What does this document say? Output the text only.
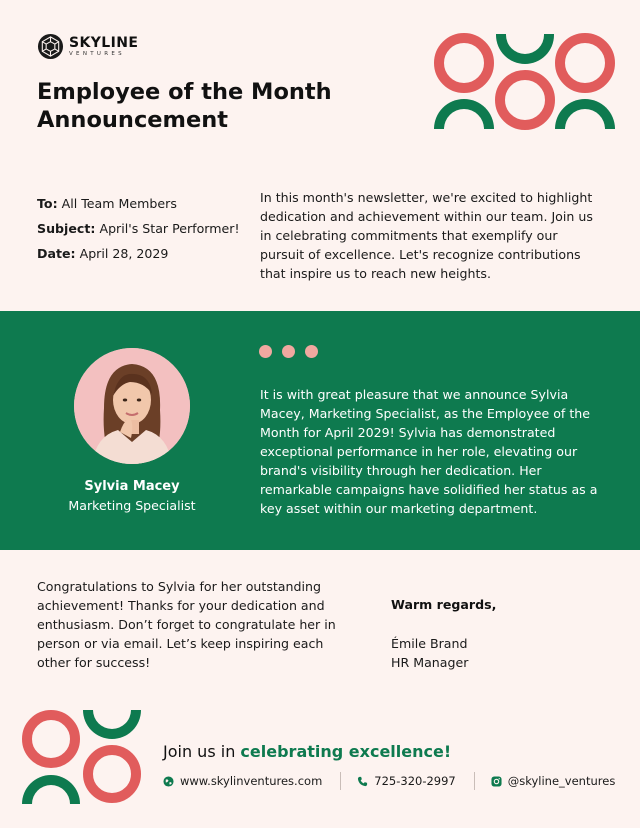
SKYLINE
VENTURES
Employee of the Month
Announcement
To: All Team Members
Subject: April's Star Performer!
Date: April 28, 2029
In this month's newsletter, we're excited to highlight dedication and achievement within our team. Join us in celebrating commitments that exemplify our pursuit of excellence. Let's recognize contributions that inspire us to reach new heights.
Sylvia Macey
Marketing Specialist
It is with great pleasure that we announce Sylvia Macey, Marketing Specialist, as the Employee of the Month for April 2029! Sylvia has demonstrated exceptional performance in her role, elevating our brand's visibility through her dedication. Her remarkable campaigns have solidified her status as a key asset within our marketing department.
Congratulations to Sylvia for her outstanding achievement! Thanks for your dedication and enthusiasm. Don’t forget to congratulate her in person or via email. Let’s keep inspiring each other for success!
Warm regards,
Émile Brand
HR Manager
Join us in celebrating excellence!
www.skylinventures.com	725-320-2997	@skyline_ventures
